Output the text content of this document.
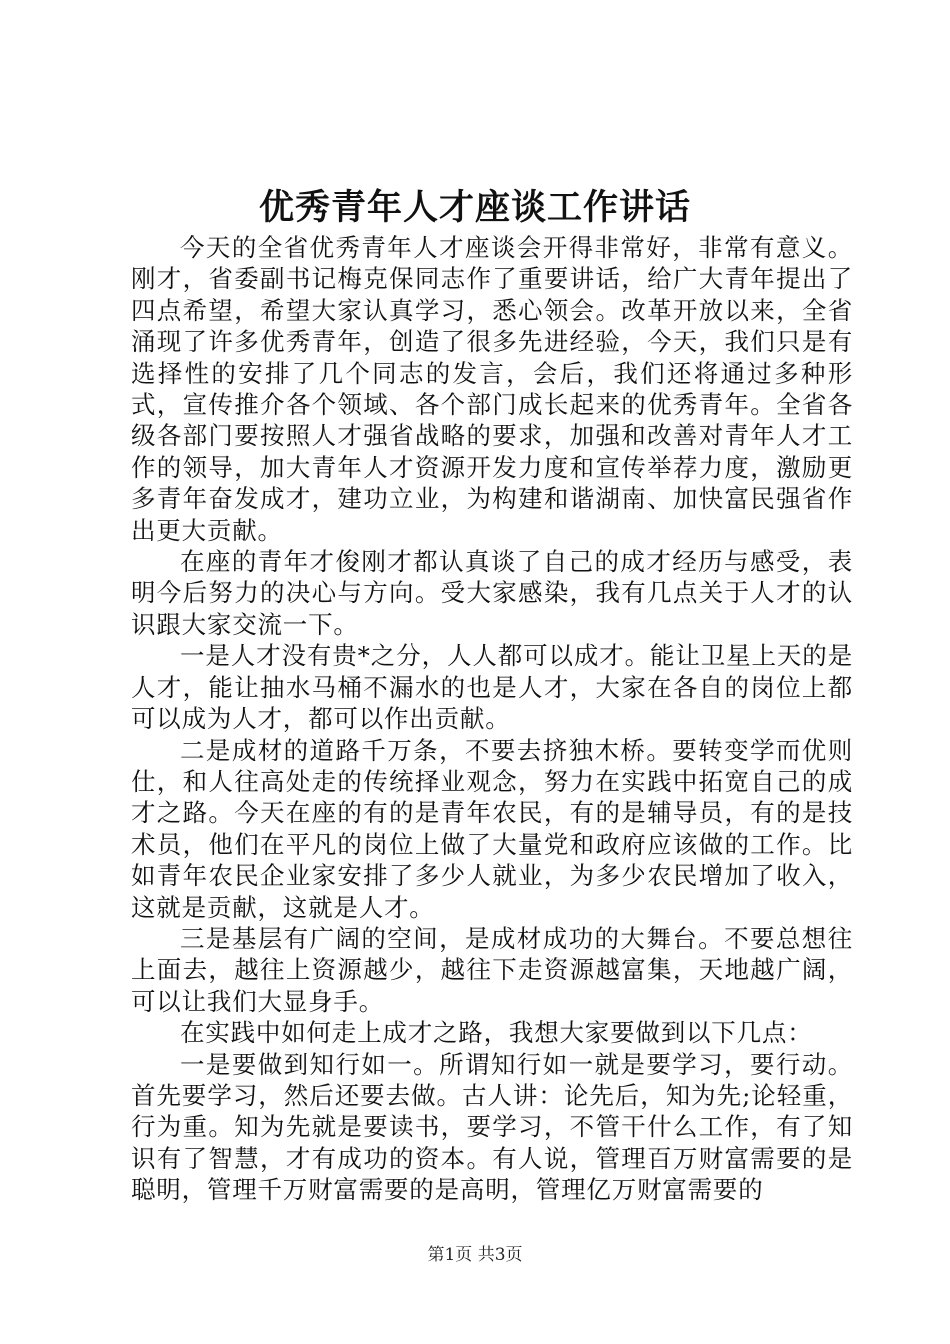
优秀青年人才座谈工作讲话

今天的全省优秀青年人才座谈会开得非常好，非常有意义。刚才，省委副书记梅克保同志作了重要讲话，给广大青年提出了四点希望，希望大家认真学习，悉心领会。改革开放以来，全省涌现了许多优秀青年，创造了很多先进经验，今天，我们只是有选择性的安排了几个同志的发言，会后，我们还将通过多种形式，宣传推介各个领域、各个部门成长起来的优秀青年。全省各级各部门要按照人才强省战略的要求，加强和改善对青年人才工作的领导，加大青年人才资源开发力度和宣传举荐力度，激励更多青年奋发成才，建功立业，为构建和谐湖南、加快富民强省作出更大贡献。

在座的青年才俊刚才都认真谈了自己的成才经历与感受，表明今后努力的决心与方向。受大家感染，我有几点关于人才的认识跟大家交流一下。

一是人才没有贵*之分，人人都可以成才。能让卫星上天的是人才，能让抽水马桶不漏水的也是人才，大家在各自的岗位上都可以成为人才，都可以作出贡献。

二是成材的道路千万条，不要去挤独木桥。要转变学而优则仕，和人往高处走的传统择业观念，努力在实践中拓宽自己的成才之路。今天在座的有的是青年农民，有的是辅导员，有的是技术员，他们在平凡的岗位上做了大量党和政府应该做的工作。比如青年农民企业家安排了多少人就业，为多少农民增加了收入，这就是贡献，这就是人才。

三是基层有广阔的空间，是成材成功的大舞台。不要总想往上面去，越往上资源越少，越往下走资源越富集，天地越广阔，可以让我们大显身手。

在实践中如何走上成才之路，我想大家要做到以下几点：

一是要做到知行如一。所谓知行如一就是要学习，要行动。首先要学习，然后还要去做。古人讲：论先后，知为先;论轻重，行为重。知为先就是要读书，要学习，不管干什么工作，有了知识有了智慧，才有成功的资本。有人说，管理百万财富需要的是聪明，管理千万财富需要的是高明，管理亿万财富需要的

第1页 共3页
